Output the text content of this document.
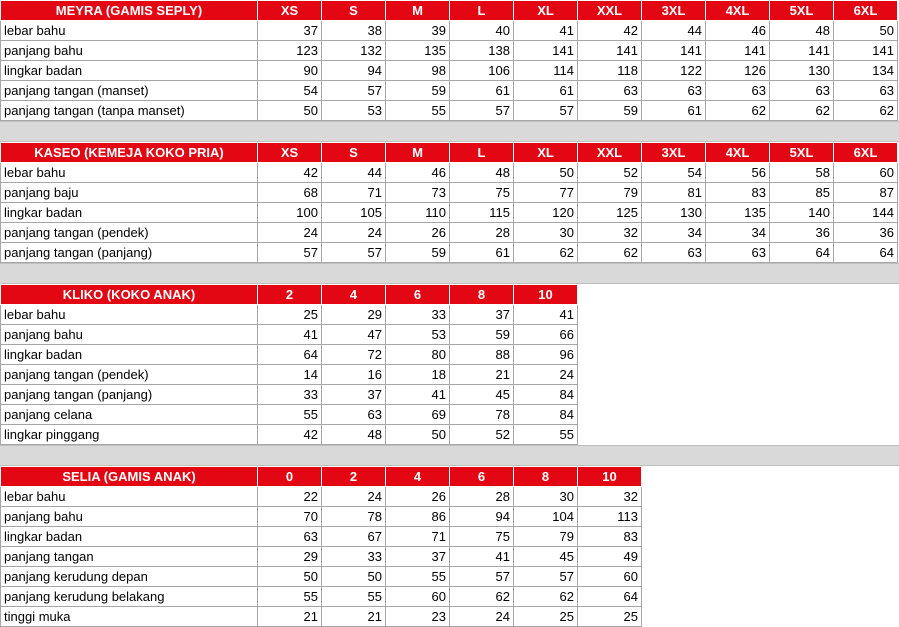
MEYRA (GAMIS SEPLY)	XS	S	M	L	XL	XXL	3XL	4XL	5XL	6XL
lebar bahu	37	38	39	40	41	42	44	46	48	50
panjang bahu	123	132	135	138	141	141	141	141	141	141
lingkar badan	90	94	98	106	114	118	122	126	130	134
panjang tangan (manset)	54	57	59	61	61	63	63	63	63	63
panjang tangan (tanpa manset)	50	53	55	57	57	59	61	62	62	62
KASEO (KEMEJA KOKO PRIA)	XS	S	M	L	XL	XXL	3XL	4XL	5XL	6XL
lebar bahu	42	44	46	48	50	52	54	56	58	60
panjang baju	68	71	73	75	77	79	81	83	85	87
lingkar badan	100	105	110	115	120	125	130	135	140	144
panjang tangan (pendek)	24	24	26	28	30	32	34	34	36	36
panjang tangan (panjang)	57	57	59	61	62	62	63	63	64	64
KLIKO (KOKO ANAK)	2	4	6	8	10
lebar bahu	25	29	33	37	41
panjang bahu	41	47	53	59	66
lingkar badan	64	72	80	88	96
panjang tangan (pendek)	14	16	18	21	24
panjang tangan (panjang)	33	37	41	45	84
panjang celana	55	63	69	78	84
lingkar pinggang	42	48	50	52	55
SELIA (GAMIS ANAK)	0	2	4	6	8	10
lebar bahu	22	24	26	28	30	32
panjang bahu	70	78	86	94	104	113
lingkar badan	63	67	71	75	79	83
panjang tangan	29	33	37	41	45	49
panjang kerudung depan	50	50	55	57	57	60
panjang kerudung belakang	55	55	60	62	62	64
tinggi muka	21	21	23	24	25	25
